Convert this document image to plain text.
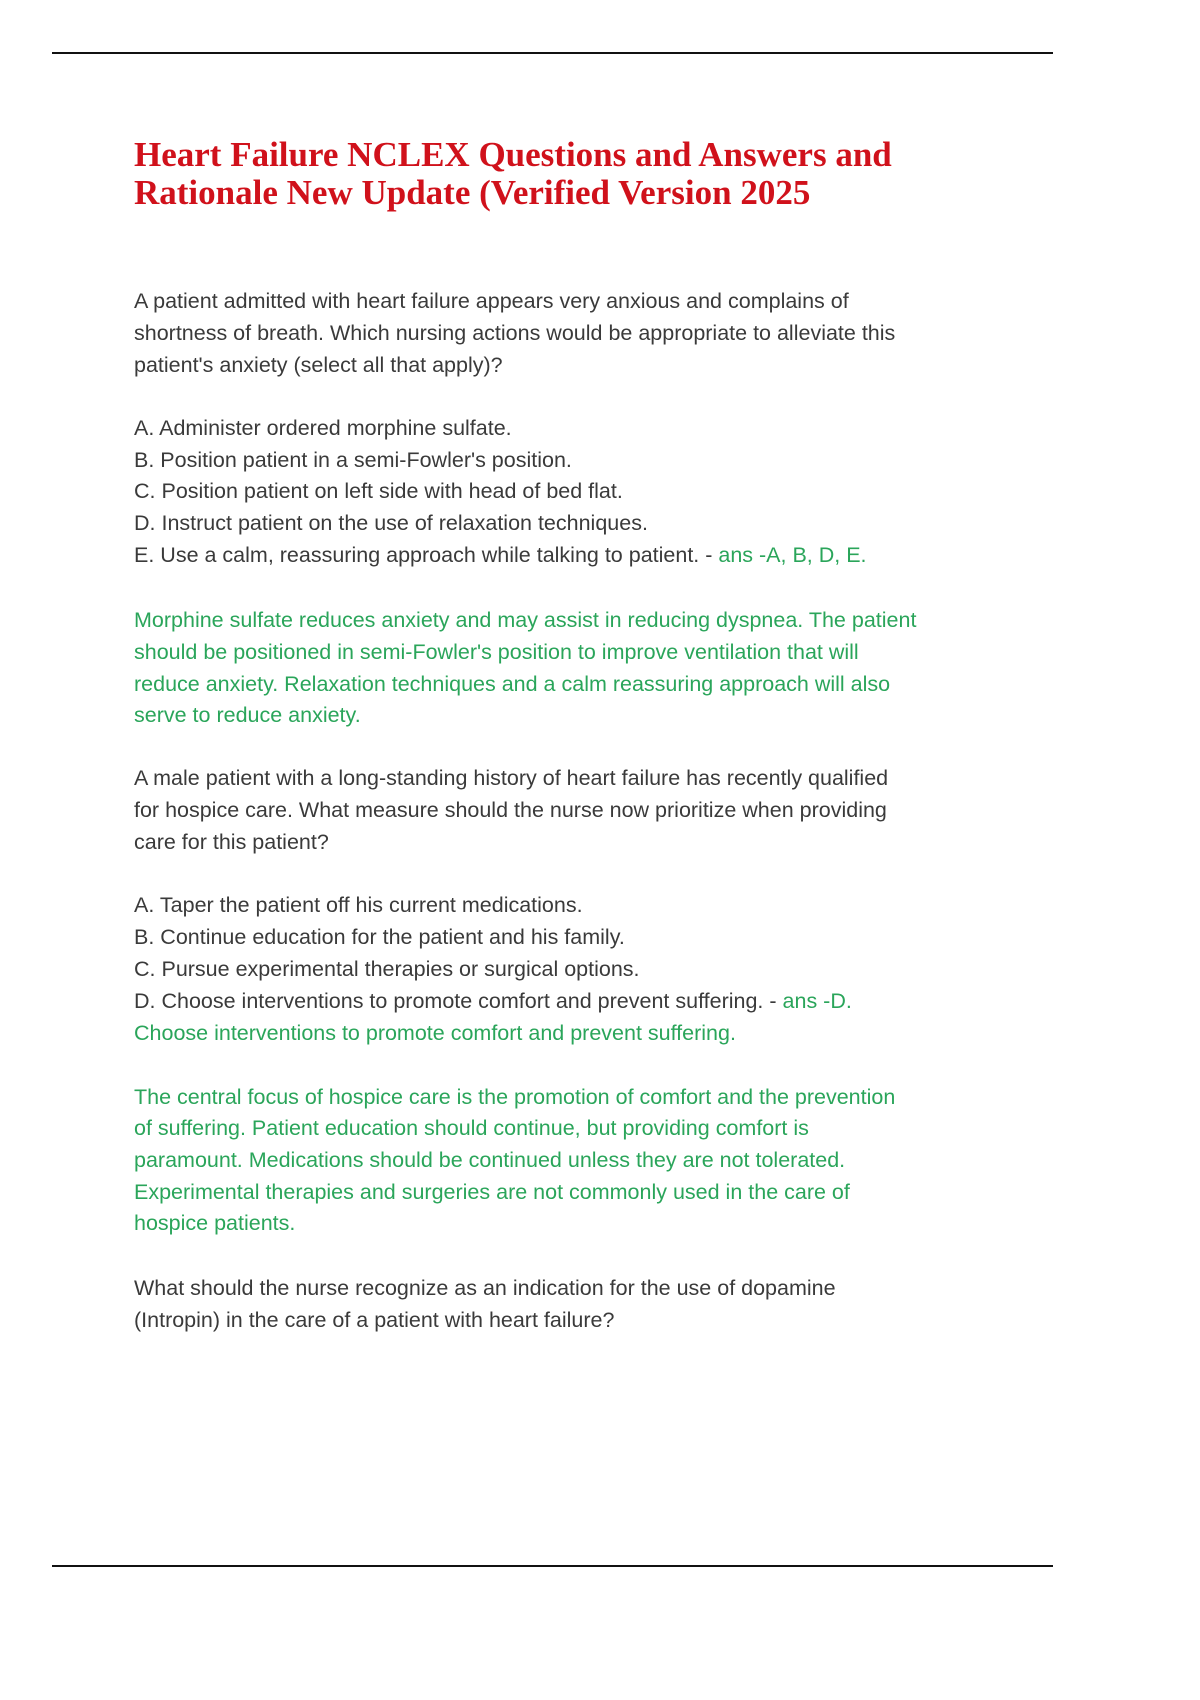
Heart Failure NCLEX Questions and Answers and
Rationale New Update (Verified Version 2025
A patient admitted with heart failure appears very anxious and complains of
shortness of breath. Which nursing actions would be appropriate to alleviate this
patient's anxiety (select all that apply)?
A. Administer ordered morphine sulfate.
B. Position patient in a semi-Fowler's position.
C. Position patient on left side with head of bed flat.
D. Instruct patient on the use of relaxation techniques.
E. Use a calm, reassuring approach while talking to patient. - ans -A, B, D, E.
Morphine sulfate reduces anxiety and may assist in reducing dyspnea. The patient
should be positioned in semi-Fowler's position to improve ventilation that will
reduce anxiety. Relaxation techniques and a calm reassuring approach will also
serve to reduce anxiety.
A male patient with a long-standing history of heart failure has recently qualified
for hospice care. What measure should the nurse now prioritize when providing
care for this patient?
A. Taper the patient off his current medications.
B. Continue education for the patient and his family.
C. Pursue experimental therapies or surgical options.
D. Choose interventions to promote comfort and prevent suffering. - ans -D.
Choose interventions to promote comfort and prevent suffering.
The central focus of hospice care is the promotion of comfort and the prevention
of suffering. Patient education should continue, but providing comfort is
paramount. Medications should be continued unless they are not tolerated.
Experimental therapies and surgeries are not commonly used in the care of
hospice patients.
What should the nurse recognize as an indication for the use of dopamine
(Intropin) in the care of a patient with heart failure?
